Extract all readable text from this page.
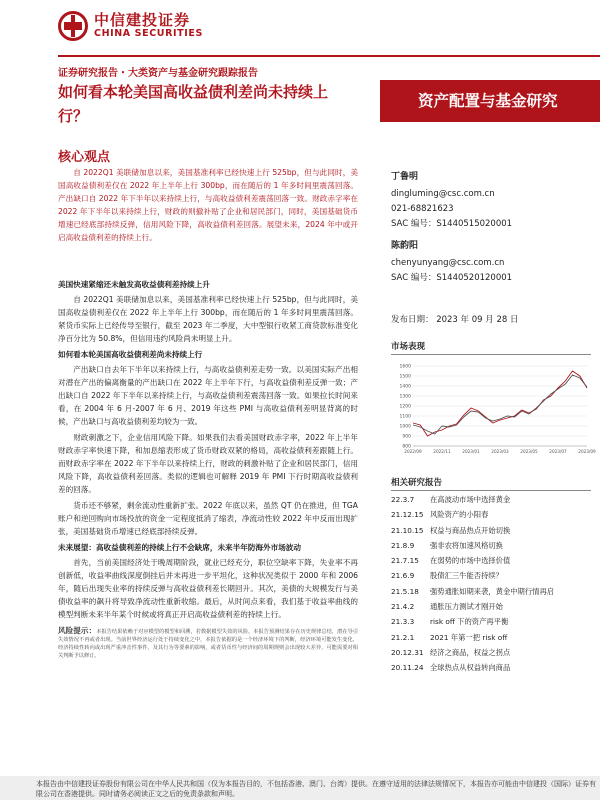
中信建投证券
CHINA SECURITIES
证券研究报告・大类资产与基金研究跟踪报告
如何看本轮美国高收益债利差尚未持续上行？
资产配置与基金研究
核心观点
自 2022Q1 美联储加息以来，美国基准利率已经快速上行 525bp，但与此同时，美国高收益债利差仅在 2022 年上半年上行 300bp，而在随后的 1 年多时间里震荡回落。产出缺口自 2022 年下半年以来持续上行，与高收益债利差震荡回落一致。财政赤字率在 2022 年下半年以来持续上行，财政的则撤补贴了企业和居民部门，同时，美国基础货币增速已经底部持续反弹，信用风险下降，高收益债利差回落。展望未来，2024 年中或开启高收益债利差的持续上行。
美国快速紧缩还未触发高收益债利差持续上升
自 2022Q1 美联储加息以来，美国基准利率已经快速上行 525bp，但与此同时，美国高收益债利差仅在 2022 年上半年上行 300bp，而在随后的 1 年多时间里震荡回落。紧货币实际上已经传导至银行，截至 2023 年二季度，大中型银行收紧工商贷款标准变化净百分比为 50.8%，但信用违约风险尚未明显上升。
如何看本轮美国高收益债利差尚未持续上行
产出缺口自去年下半年以来持续上行，与高收益债利差走势一致。以美国实际产出相对潜在产出的偏离衡量的产出缺口在 2022 年上半年下行，与高收益债利差反弹一致；产出缺口自 2022 年下半年以来持续上行，与高收益债利差震荡回落一致。如果拉长时间来看，在 2004 年 6 月-2007 年 6 月、2019 年这些 PMI 与高收益债利差明显背离的时候，产出缺口与高收益债利差均较为一致。
财政刺激之下，企业信用风险下降。如果我们去看美国财政赤字率，2022 年上半年财政赤字率快速下降，和加息缩表形成了货币财政双紧的格局，高收益债利差跟随上行。而财政赤字率在 2022 年下半年以来持续上行，财政的刺激补贴了企业和居民部门，信用风险下降，高收益债利差回落。类似的逻辑也可解释 2019 年 PMI 下行时期高收益债利差的回落。
货币还不够紧，剩余流动性重新扩张。2022 年底以来，虽然 QT 仍在推进，但 TGA 账户和逆回购向市场投放的资金一定程度抵消了缩表，净流动性较 2022 年中反而出现扩张，美国基础货币增速已经底部持续反弹。
未来展望：高收益债利差的持续上行不会缺席，未来半年防海外市场波动
首先，当前美国经济处于晚周期阶段，就业已经充分，职位空缺率下降，失业率不再创新低，收益率曲线深度倒挂后并未再进一步平坦化，这种状况类似于 2000 年和 2006 年，随后出现失业率的持续反弹与高收益债利差长期回升。其次，美债的大规模发行与美债收益率的飙升将导致净流动性重新收缩。最后，从时间点来看，我们基于收益率曲线的模型判断未来半年某个时候或将真正开启高收益债利差的持续上行。
风险提示：本报告结果依赖于对应模型的模型和回溯，若数据模型失效的风险。本报告预测结果存在历史规律总结，潜在导引失效情况不再或者出现。当前世界经济运行处于持续变化之中，本报告依据的是一个经济环境下的判断，经济环境可能发生变化，经济持续性转向或出现严重冲击性事件，及其行为等要素的影响，或者货币性与经济间的周期规则会出现较大差异，可能需要对相关判断予以修订。
丁鲁明
dingluming@csc.com.cn
021-68821623
SAC 编号：S1440515020001
陈韵阳
chenyunyang@csc.com.cn
SAC 编号：S1440520120001
发布日期： 2023 年 09 月 28 日
市场表现
800
900
1000
1100
1200
1300
1400
1500
1600
2022/09	2022/11	2023/01	2023/03	2023/05	2023/07	2023/09
相关研究报告
22.3.7	在高波动市场中选择黄金
21.12.15 风险资产的小阳春
21.10.15 权益与商品热点开始切换
21.8.9	强非农将加速风格切换
21.7.15	在弱势的市场中选择价值
21.6.9	股债汇三牛能否持续？
21.5.18	强势通胀如期来袭，黄金中期行情再启
21.4.2	通胀压力测试才刚开始
21.3.3	risk off 下的资产再平衡
21.2.1	2021 年第一把 risk off
20.12.31 经济之商品，权益之拐点
20.11.24 全球热点从权益转向商品
本报告由中信建投证券股份有限公司在中华人民共和国（仅为本报告目的，不包括香港、澳门、台湾）提供。在遵守适用的法律法规情况下，本报告亦可能由中信建投（国际）证券有限公司在香港提供。同时请务必阅读正文之后的免责条款和声明。
